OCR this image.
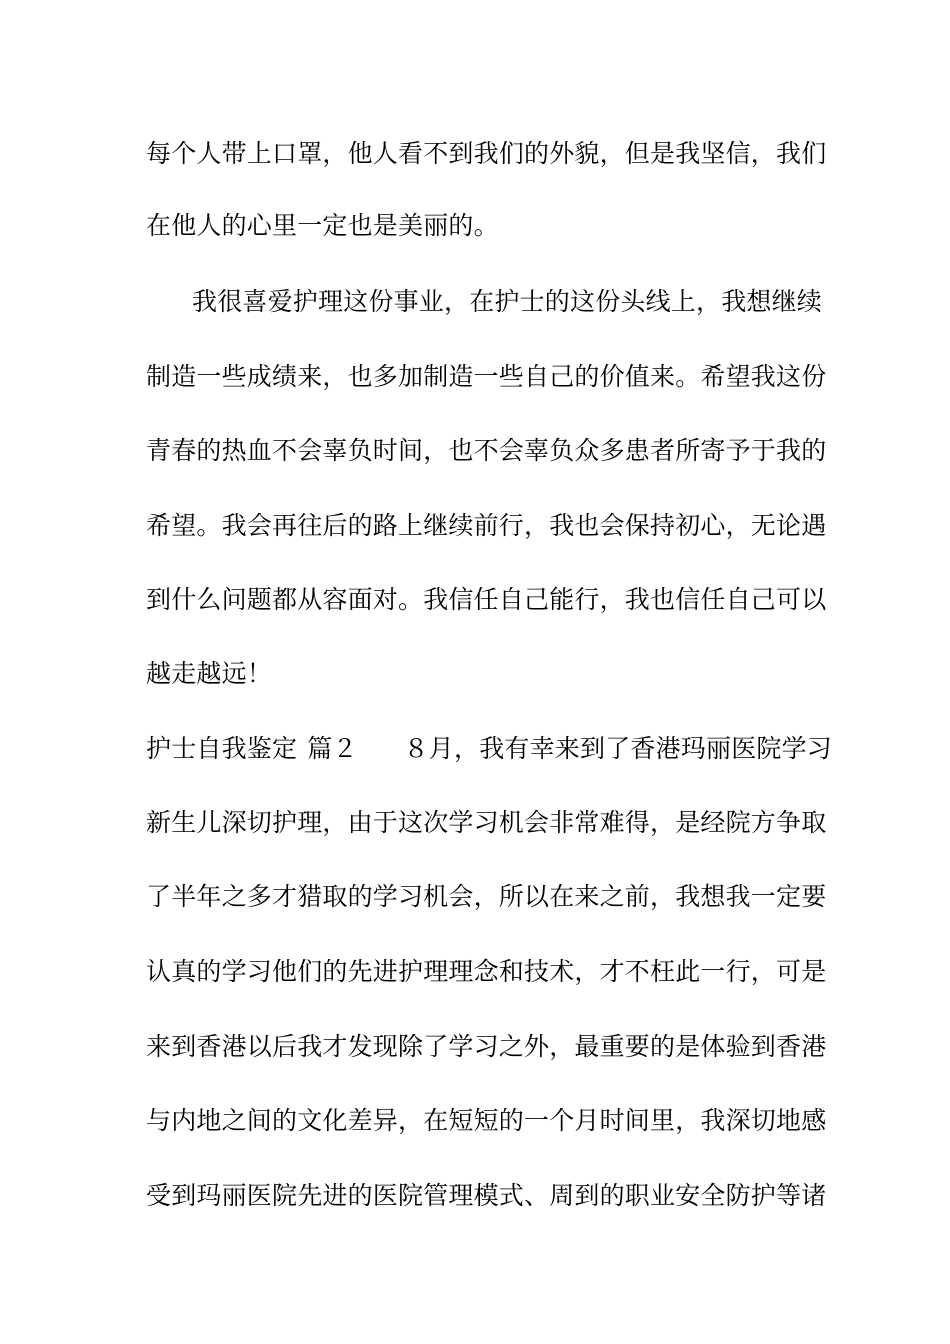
每个人带上口罩，他人看不到我们的外貌，但是我坚信，我们
在他人的心里一定也是美丽的。
我很喜爱护理这份事业，在护士的这份头线上，我想继续
制造一些成绩来，也多加制造一些自己的价值来。希望我这份
青春的热血不会辜负时间，也不会辜负众多患者所寄予于我的
希望。我会再往后的路上继续前行，我也会保持初心，无论遇
到什么问题都从容面对。我信任自己能行，我也信任自己可以
越走越远！
护士自我鉴定 篇２ ８月，我有幸来到了香港玛丽医院学习
新生儿深切护理，由于这次学习机会非常难得，是经院方争取
了半年之多才猎取的学习机会，所以在来之前，我想我一定要
认真的学习他们的先进护理理念和技术，才不枉此一行，可是
来到香港以后我才发现除了学习之外，最重要的是体验到香港
与内地之间的文化差异，在短短的一个月时间里，我深切地感
受到玛丽医院先进的医院管理模式、周到的职业安全防护等诸
